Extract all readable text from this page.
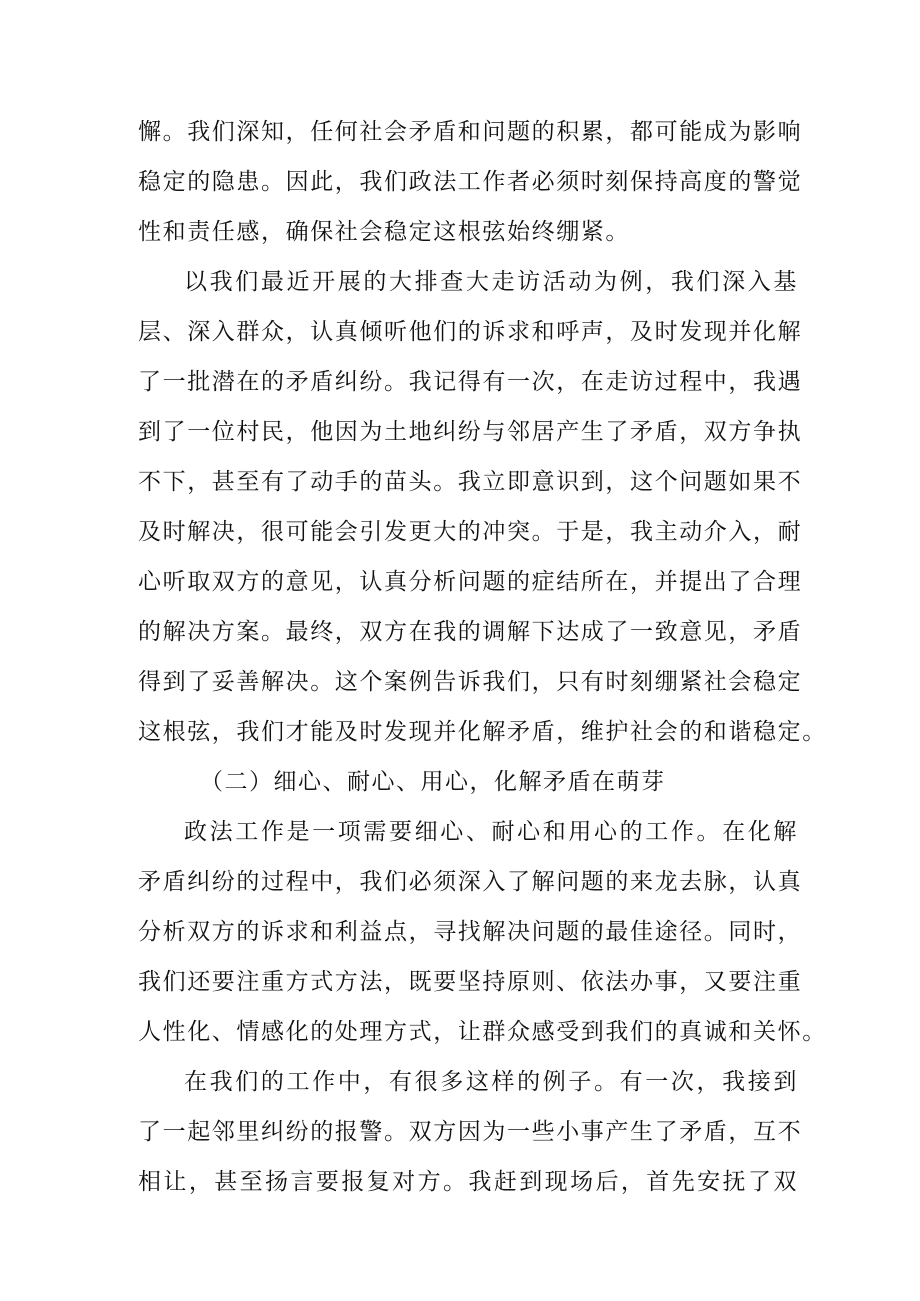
懈。我们深知，任何社会矛盾和问题的积累，都可能成为影响
稳定的隐患。因此，我们政法工作者必须时刻保持高度的警觉
性和责任感，确保社会稳定这根弦始终绷紧。
以我们最近开展的大排查大走访活动为例，我们深入基
层、深入群众，认真倾听他们的诉求和呼声，及时发现并化解
了一批潜在的矛盾纠纷。我记得有一次，在走访过程中，我遇
到了一位村民，他因为土地纠纷与邻居产生了矛盾，双方争执
不下，甚至有了动手的苗头。我立即意识到，这个问题如果不
及时解决，很可能会引发更大的冲突。于是，我主动介入，耐
心听取双方的意见，认真分析问题的症结所在，并提出了合理
的解决方案。最终，双方在我的调解下达成了一致意见，矛盾
得到了妥善解决。这个案例告诉我们，只有时刻绷紧社会稳定
这根弦，我们才能及时发现并化解矛盾，维护社会的和谐稳定。
（二）细心、耐心、用心，化解矛盾在萌芽
政法工作是一项需要细心、耐心和用心的工作。在化解
矛盾纠纷的过程中，我们必须深入了解问题的来龙去脉，认真
分析双方的诉求和利益点，寻找解决问题的最佳途径。同时，
我们还要注重方式方法，既要坚持原则、依法办事，又要注重
人性化、情感化的处理方式，让群众感受到我们的真诚和关怀。
在我们的工作中，有很多这样的例子。有一次，我接到
了一起邻里纠纷的报警。双方因为一些小事产生了矛盾，互不
相让，甚至扬言要报复对方。我赶到现场后，首先安抚了双
